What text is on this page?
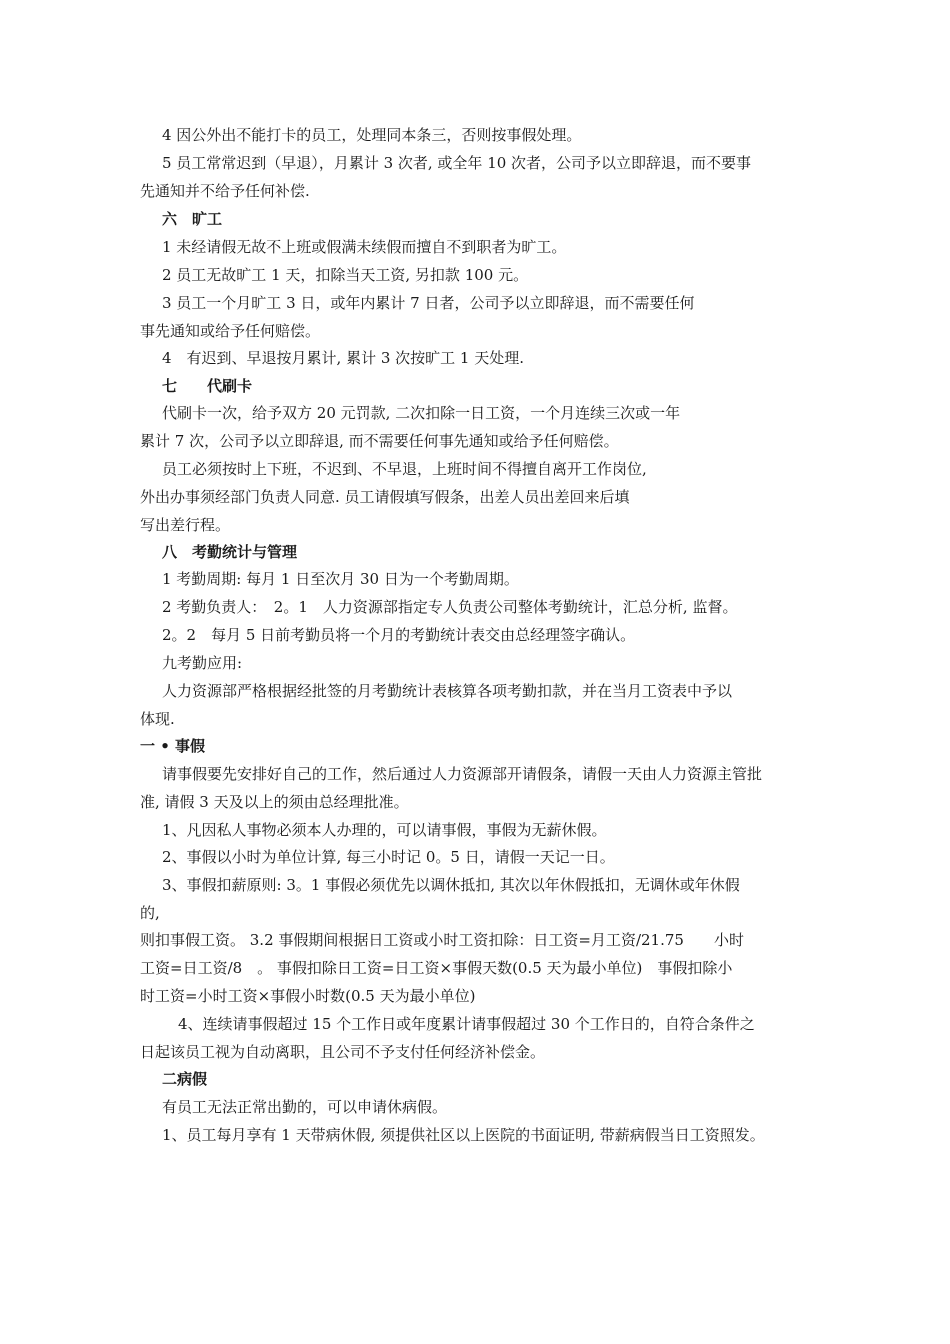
4 因公外出不能打卡的员工，处理同本条三，否则按事假处理。
5 员工常常迟到（早退），月累计 3 次者, 或全年 10 次者，公司予以立即辞退，而不要事
先通知并不给予任何补偿.
六　旷工
1 未经请假无故不上班或假满未续假而擅自不到职者为旷工。
2 员工无故旷工 1 天，扣除当天工资, 另扣款 100 元。
3 员工一个月旷工 3 日，或年内累计 7 日者，公司予以立即辞退，而不需要任何
事先通知或给予任何赔偿。
4　有迟到、早退按月累计, 累计 3 次按旷工 1 天处理.
七　　代刷卡
代刷卡一次，给予双方 20 元罚款, 二次扣除一日工资，一个月连续三次或一年
累计 7 次，公司予以立即辞退, 而不需要任何事先通知或给予任何赔偿。
员工必须按时上下班，不迟到、不早退，上班时间不得擅自离开工作岗位,
外出办事须经部门负责人同意. 员工请假填写假条，出差人员出差回来后填
写出差行程。
八　考勤统计与管理
1 考勤周期: 每月 1 日至次月 30 日为一个考勤周期。
2 考勤负责人：　2。1　人力资源部指定专人负责公司整体考勤统计，汇总分析, 监督。
2。2　每月 5 日前考勤员将一个月的考勤统计表交由总经理签字确认。
九考勤应用:
人力资源部严格根据经批签的月考勤统计表核算各项考勤扣款，并在当月工资表中予以
体现.
一 • 事假
请事假要先安排好自己的工作，然后通过人力资源部开请假条，请假一天由人力资源主管批
准, 请假 3 天及以上的须由总经理批准。
1、凡因私人事物必须本人办理的，可以请事假，事假为无薪休假。
2、事假以小时为单位计算, 每三小时记 0。5 日，请假一天记一日。
3、事假扣薪原则: 3。1 事假必须优先以调休抵扣, 其次以年休假抵扣，无调休或年休假
的,
则扣事假工资。 3.2 事假期间根据日工资或小时工资扣除：日工资=月工资/21.75　　小时
工资=日工资/8　。 事假扣除日工资=日工资×事假天数(0.5 天为最小单位)　事假扣除小
时工资=小时工资×事假小时数(0.5 天为最小单位)
4、连续请事假超过 15 个工作日或年度累计请事假超过 30 个工作日的，自符合条件之
日起该员工视为自动离职，且公司不予支付任何经济补偿金。
二病假
有员工无法正常出勤的，可以申请休病假。
1、员工每月享有 1 天带病休假, 须提供社区以上医院的书面证明, 带薪病假当日工资照发。
